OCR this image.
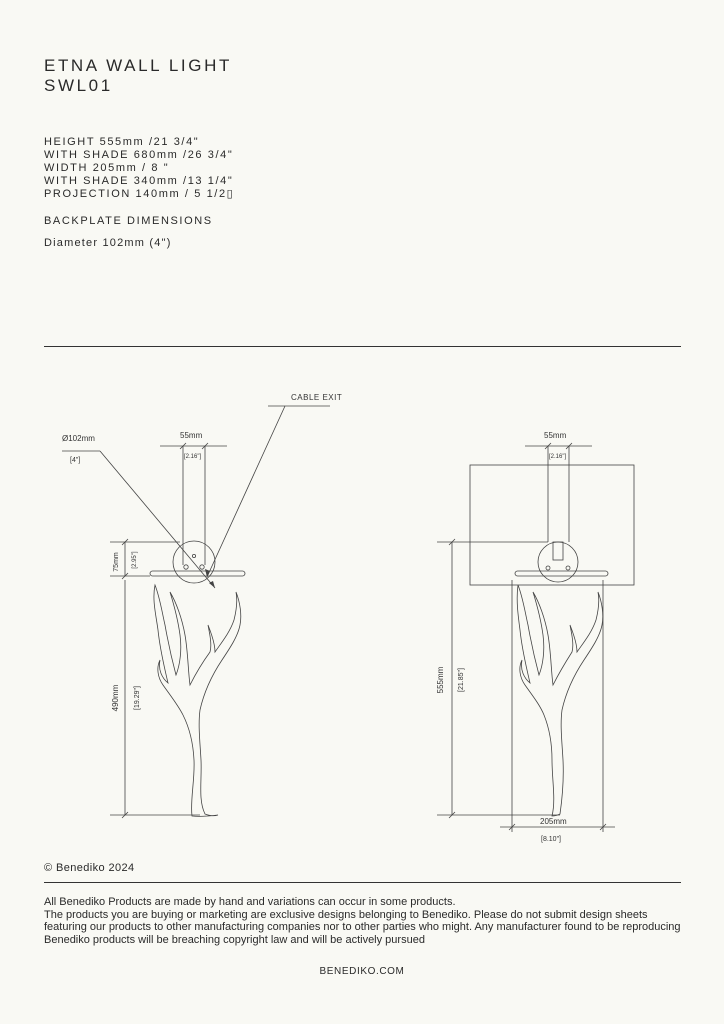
ETNA WALL LIGHT
SWL01
HEIGHT 555mm /21 3/4"
WITH SHADE 680mm /26 3/4"
WIDTH 205mm / 8 "
WITH SHADE 340mm /13 1/4"
PROJECTION 140mm / 5 1/2▯
BACKPLATE DIMENSIONS
Diameter 102mm (4")
CABLE EXIT
Ø102mm
[4"]
55mm
[2.16"]
75mm [2.95"]
490mm [19.29"]
55mm
[2.16"]
555mm [21.85"]
205mm
[8.10"]
© Benediko 2024
All Benediko Products are made by hand and variations can occur in some products.
The products you are buying or marketing are exclusive designs belonging to Benediko. Please do not submit design sheets featuring our products to other manufacturing companies nor to other parties who might. Any manufacturer found to be reproducing Benediko products will be breaching copyright law and will be actively pursued
BENEDIKO.COM
